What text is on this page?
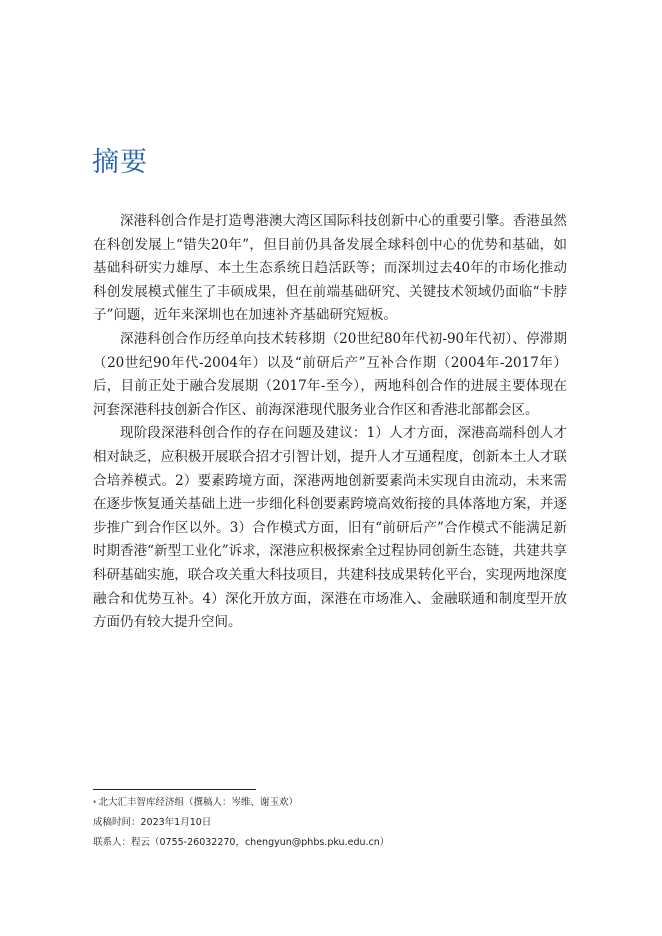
摘要

深港科创合作是打造粤港澳大湾区国际科技创新中心的重要引擎。香港虽然在科创发展上“错失20年”，但目前仍具备发展全球科创中心的优势和基础，如基础科研实力雄厚、本土生态系统日趋活跃等；而深圳过去40年的市场化推动科创发展模式催生了丰硕成果，但在前端基础研究、关键技术领域仍面临“卡脖子”问题，近年来深圳也在加速补齐基础研究短板。

深港科创合作历经单向技术转移期（20世纪80年代初-90年代初）、停滞期（20世纪90年代-2004年）以及“前研后产”互补合作期（2004年-2017年）后，目前正处于融合发展期（2017年-至今），两地科创合作的进展主要体现在河套深港科技创新合作区、前海深港现代服务业合作区和香港北部都会区。

现阶段深港科创合作的存在问题及建议：1）人才方面，深港高端科创人才相对缺乏，应积极开展联合招才引智计划，提升人才互通程度，创新本土人才联合培养模式。2）要素跨境方面，深港两地创新要素尚未实现自由流动，未来需在逐步恢复通关基础上进一步细化科创要素跨境高效衔接的具体落地方案，并逐步推广到合作区以外。3）合作模式方面，旧有“前研后产”合作模式不能满足新时期香港“新型工业化”诉求，深港应积极探索全过程协同创新生态链，共建共享科研基础实施，联合攻关重大科技项目，共建科技成果转化平台，实现两地深度融合和优势互补。4）深化开放方面，深港在市场准入、金融联通和制度型开放方面仍有较大提升空间。

* 北大汇丰智库经济组（撰稿人：岑维、谢玉欢）
成稿时间：2023年1月10日
联系人：程云（0755-26032270，chengyun@phbs.pku.edu.cn）
